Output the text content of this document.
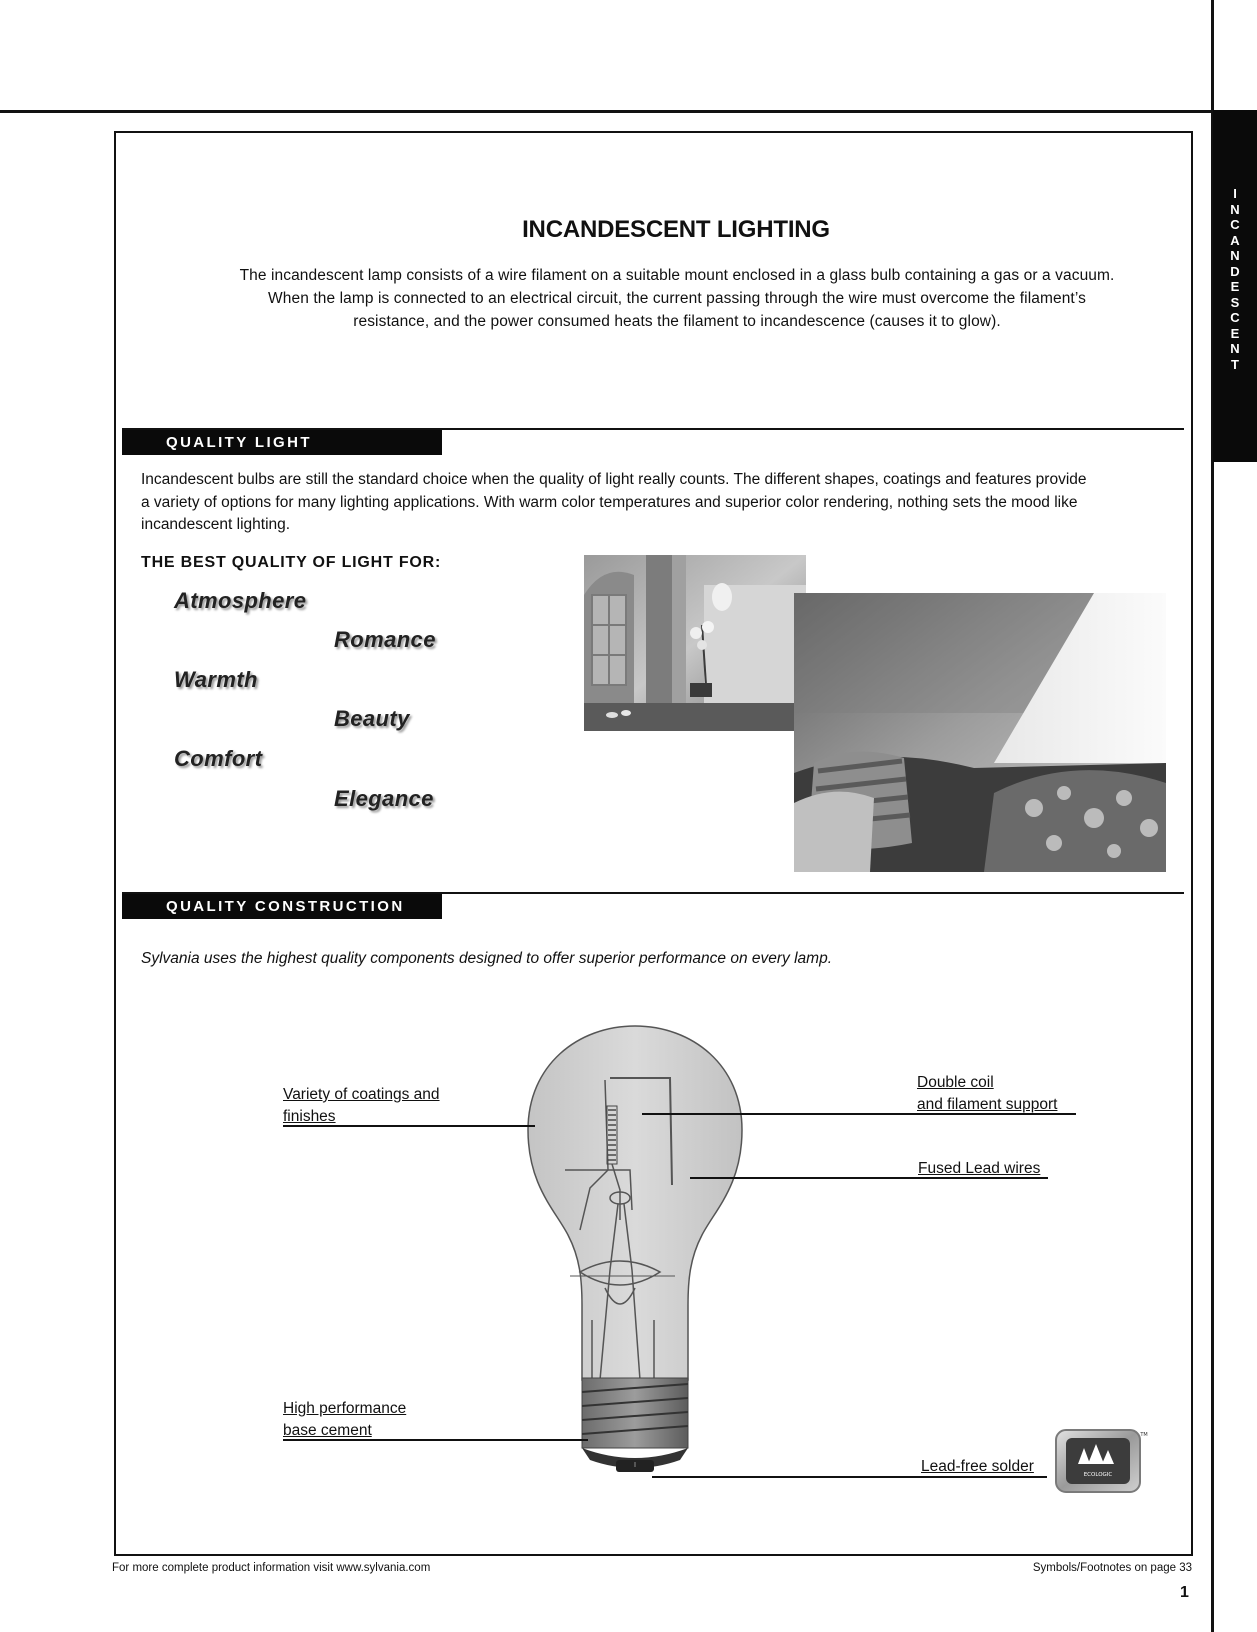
I
N
C
A
N
D
E
S
C
E
N
T
INCANDESCENT LIGHTING
The incandescent lamp consists of a wire filament on a suitable mount enclosed in a glass bulb containing a gas or a vacuum.
When the lamp is connected to an electrical circuit, the current passing through the wire must overcome the filament’s
resistance, and the power consumed heats the filament to incandescence (causes it to glow).
QUALITY LIGHT
Incandescent bulbs are still the standard choice when the quality of light really counts. The different shapes, coatings and features provide
a variety of options for many lighting applications. With warm color temperatures and superior color rendering, nothing sets the mood like
incandescent lighting.
THE BEST QUALITY OF LIGHT FOR:
Atmosphere
Romance
Warmth
Beauty
Comfort
Elegance
QUALITY CONSTRUCTION
Sylvania uses the highest quality components designed to offer superior performance on every lamp.
Variety of coatings and
finishes
Double coil
and filament support
Fused Lead wires
High performance
base cement
Lead-free solder	ECOLOGIC
TM
For more complete product information visit www.sylvania.com	Symbols/Footnotes on page 33
1
